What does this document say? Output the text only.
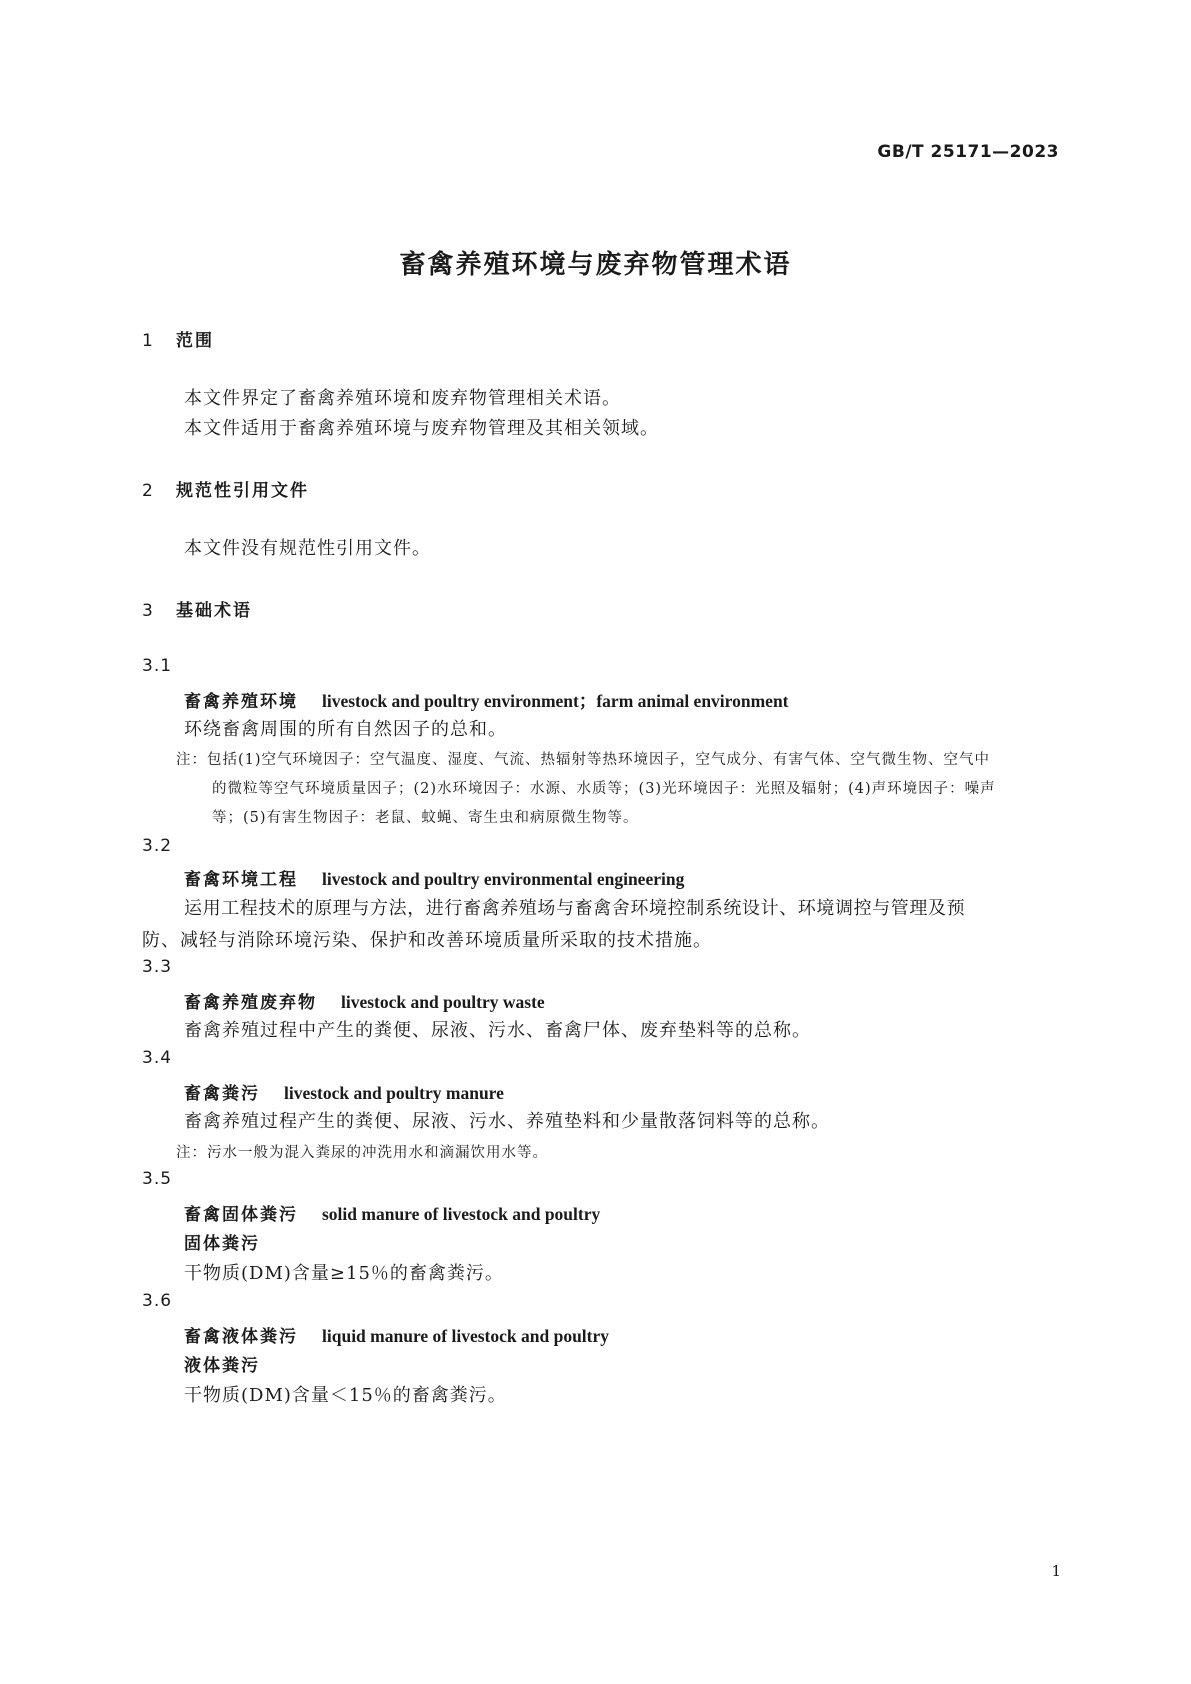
GB/T 25171—2023
畜禽养殖环境与废弃物管理术语
1 范围
本文件界定了畜禽养殖环境和废弃物管理相关术语。
本文件适用于畜禽养殖环境与废弃物管理及其相关领域。
2 规范性引用文件
本文件没有规范性引用文件。
3 基础术语
3.1
畜禽养殖环境 livestock and poultry environment；farm animal environment
环绕畜禽周围的所有自然因子的总和。
注：包括(1)空气环境因子：空气温度、湿度、气流、热辐射等热环境因子，空气成分、有害气体、空气微生物、空气中
的微粒等空气环境质量因子；(2)水环境因子：水源、水质等；(3)光环境因子：光照及辐射；(4)声环境因子：噪声
等；(5)有害生物因子：老鼠、蚊蝇、寄生虫和病原微生物等。
3.2
畜禽环境工程 livestock and poultry environmental engineering
运用工程技术的原理与方法，进行畜禽养殖场与畜禽舍环境控制系统设计、环境调控与管理及预
防、减轻与消除环境污染、保护和改善环境质量所采取的技术措施。
3.3
畜禽养殖废弃物 livestock and poultry waste
畜禽养殖过程中产生的粪便、尿液、污水、畜禽尸体、废弃垫料等的总称。
3.4
畜禽粪污 livestock and poultry manure
畜禽养殖过程产生的粪便、尿液、污水、养殖垫料和少量散落饲料等的总称。
注：污水一般为混入粪尿的冲洗用水和滴漏饮用水等。
3.5
畜禽固体粪污 solid manure of livestock and poultry
固体粪污
干物质(DM)含量≥15％的畜禽粪污。
3.6
畜禽液体粪污 liquid manure of livestock and poultry
液体粪污
干物质(DM)含量＜15％的畜禽粪污。
1
